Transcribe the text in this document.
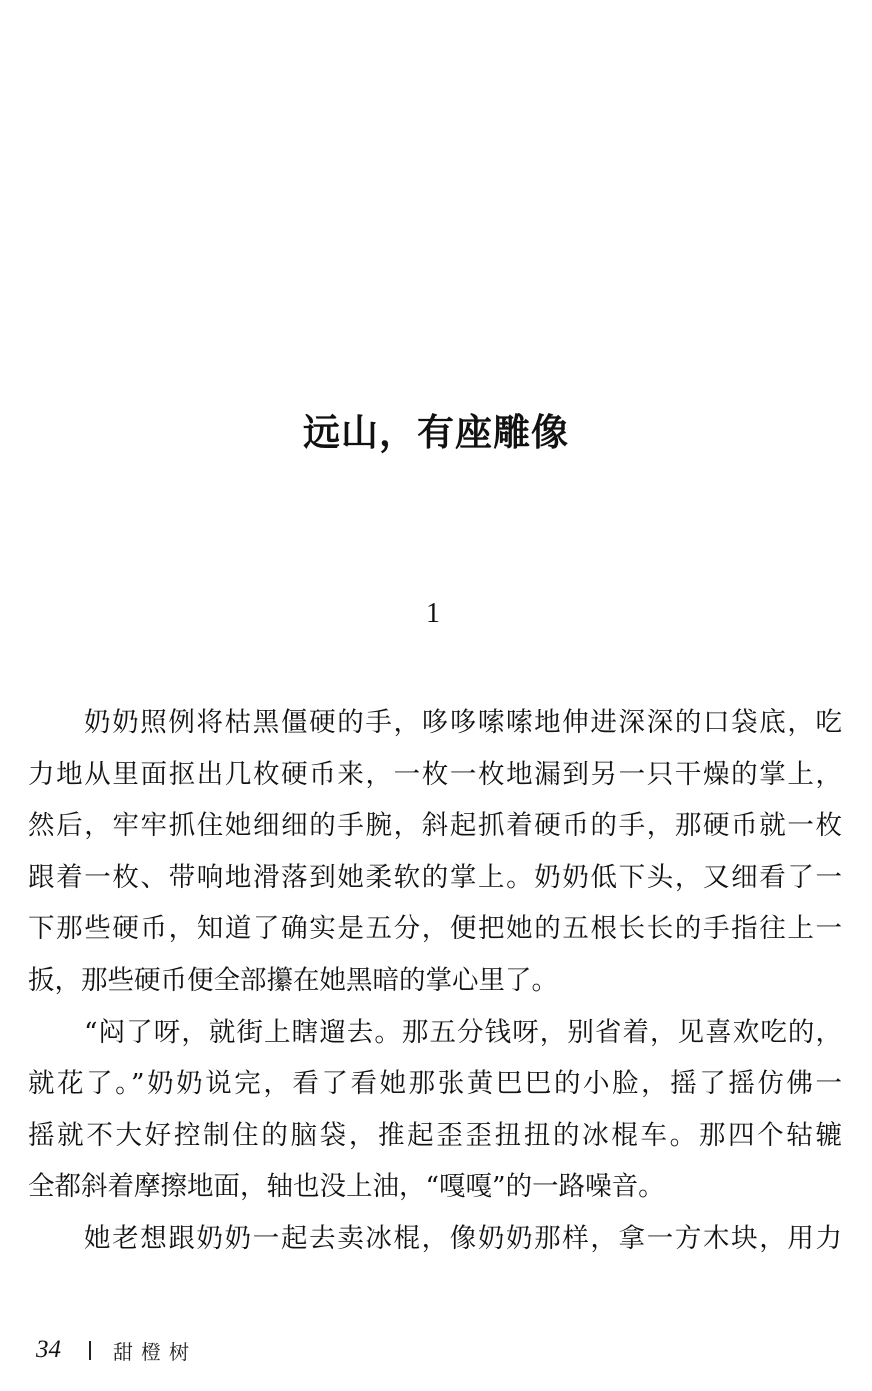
远山，有座雕像
1
奶奶照例将枯黑僵硬的手，哆哆嗦嗦地伸进深深的口袋底，吃
力地从里面抠出几枚硬币来，一枚一枚地漏到另一只干燥的掌上，
然后，牢牢抓住她细细的手腕，斜起抓着硬币的手，那硬币就一枚
跟着一枚、带响地滑落到她柔软的掌上。奶奶低下头，又细看了一
下那些硬币，知道了确实是五分，便把她的五根长长的手指往上一
扳，那些硬币便全部攥在她黑暗的掌心里了。
“闷了呀，就街上瞎遛去。那五分钱呀，别省着，见喜欢吃的，
就花了。”奶奶说完，看了看她那张黄巴巴的小脸，摇了摇仿佛一
摇就不大好控制住的脑袋，推起歪歪扭扭的冰棍车。那四个轱辘
全都斜着摩擦地面，轴也没上油，“嘎嘎”的一路噪音。
她老想跟奶奶一起去卖冰棍，像奶奶那样，拿一方木块，用力
34	甜橙树
